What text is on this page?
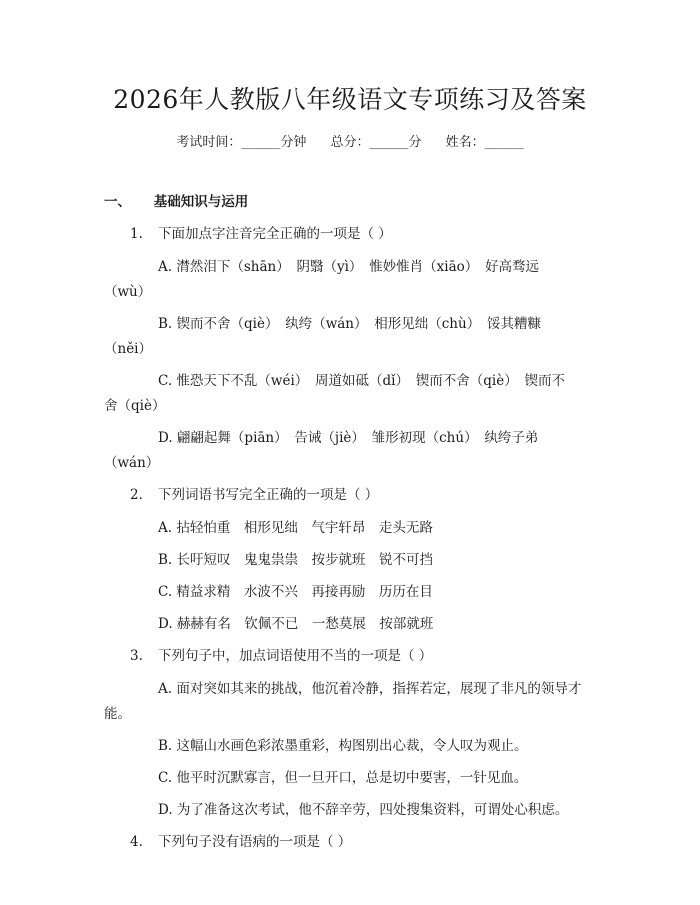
2026年人教版八年级语文专项练习及答案
考试时间：______分钟 总分：______分 姓名：______
一、 基础知识与运用
1. 下面加点字注音完全正确的一项是（ ）
A. 潸然泪下（shān）　阴翳（yì）　惟妙惟肖（xiāo）　好高骛远
（wù）
B. 锲而不舍（qiè）　纨绔（wán）　相形见绌（chù）　馁其糟糠
（něi）
C. 惟恐天下不乱（wéi）　周道如砥（dǐ）　锲而不舍（qiè）　锲而不
舍（qiè）
D. 翩翩起舞（piān）　告诫（jiè）　雏形初现（chú）　纨绔子弟
（wán）
2. 下列词语书写完全正确的一项是（ ）
A. 拈轻怕重　相形见绌　气宇轩昂　走头无路
B. 长吁短叹　鬼鬼祟祟　按步就班　锐不可挡
C. 精益求精　水波不兴　再接再励　历历在目
D. 赫赫有名　钦佩不已　一愁莫展　按部就班
3. 下列句子中，加点词语使用不当的一项是（ ）
A. 面对突如其来的挑战，他沉着冷静，指挥若定，展现了非凡的领导才
能。
B. 这幅山水画色彩浓墨重彩，构图别出心裁，令人叹为观止。
C. 他平时沉默寡言，但一旦开口，总是切中要害，一针见血。
D. 为了准备这次考试，他不辞辛劳，四处搜集资料，可谓处心积虑。
4. 下列句子没有语病的一项是（ ）
